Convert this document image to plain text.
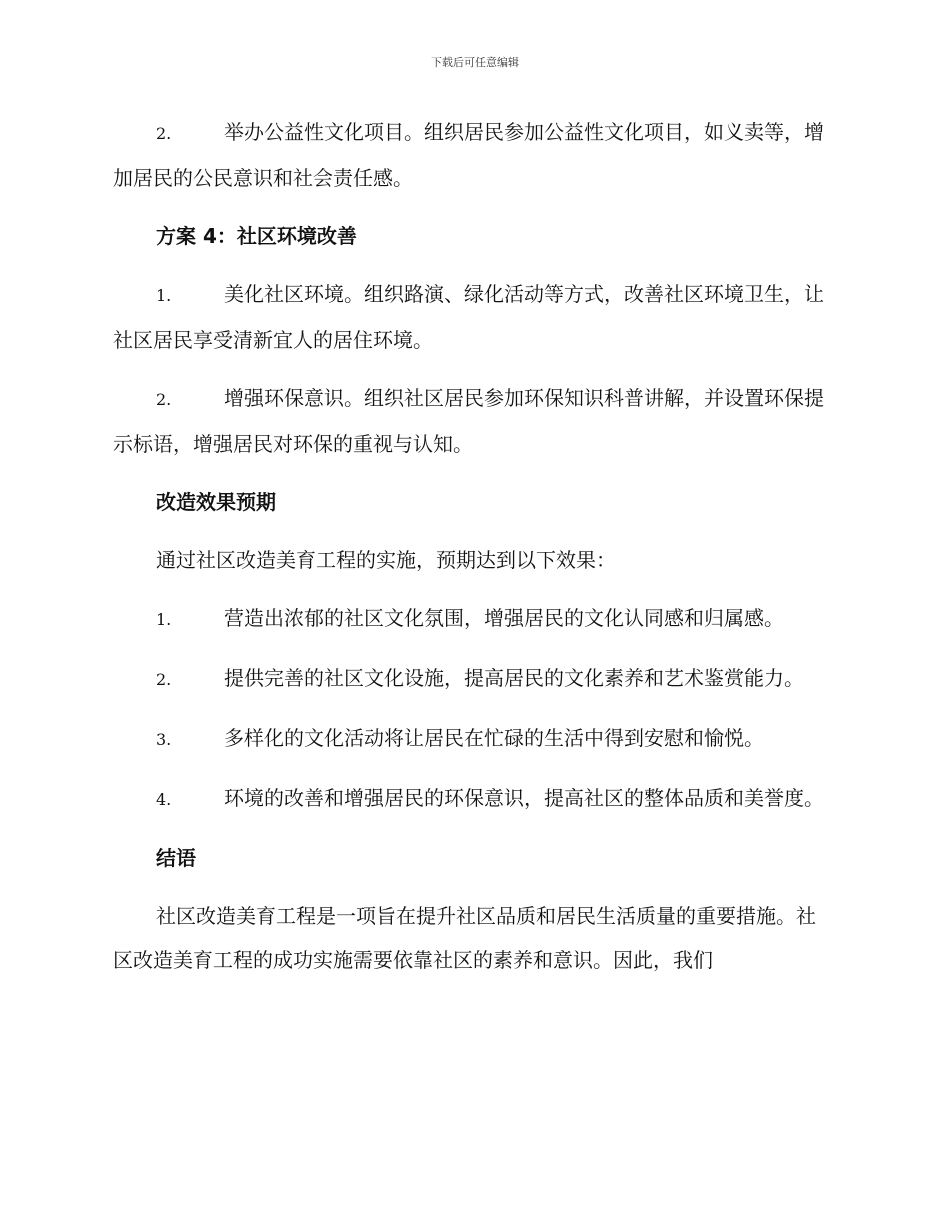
下载后可任意编辑

2.	举办公益性文化项目。组织居民参加公益性文化项目，如义卖等，增加居民的公民意识和社会责任感。

方案 4：社区环境改善

1.	美化社区环境。组织路演、绿化活动等方式，改善社区环境卫生，让社区居民享受清新宜人的居住环境。

2.	增强环保意识。组织社区居民参加环保知识科普讲解，并设置环保提示标语，增强居民对环保的重视与认知。

改造效果预期

通过社区改造美育工程的实施，预期达到以下效果：

1.	营造出浓郁的社区文化氛围，增强居民的文化认同感和归属感。

2.	提供完善的社区文化设施，提高居民的文化素养和艺术鉴赏能力。

3.	多样化的文化活动将让居民在忙碌的生活中得到安慰和愉悦。

4.	环境的改善和增强居民的环保意识，提高社区的整体品质和美誉度。

结语

社区改造美育工程是一项旨在提升社区品质和居民生活质量的重要措施。社区改造美育工程的成功实施需要依靠社区的素养和意识。因此，我们
